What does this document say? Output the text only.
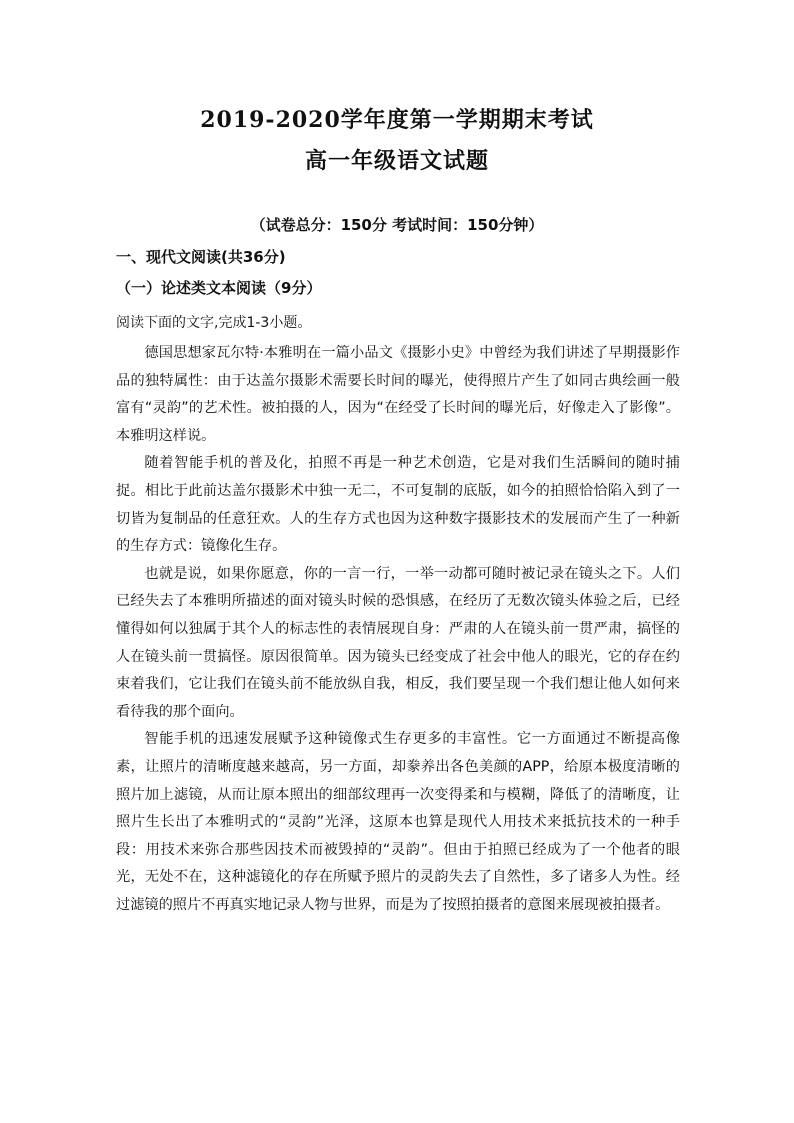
2019-2020学年度第一学期期末考试
高一年级语文试题
（试卷总分：150分 考试时间：150分钟）
一、现代文阅读(共36分)
（一）论述类文本阅读（9分）
阅读下面的文字,完成1-3小题。

德国思想家瓦尔特·本雅明在一篇小品文《摄影小史》中曾经为我们讲述了早期摄影作品的独特属性：由于达盖尔摄影术需要长时间的曝光，使得照片产生了如同古典绘画一般富有“灵韵”的艺术性。被拍摄的人，因为“在经受了长时间的曝光后，好像走入了影像”。本雅明这样说。

随着智能手机的普及化，拍照不再是一种艺术创造，它是对我们生活瞬间的随时捕捉。相比于此前达盖尔摄影术中独一无二，不可复制的底版，如今的拍照恰恰陷入到了一切皆为复制品的任意狂欢。人的生存方式也因为这种数字摄影技术的发展而产生了一种新的生存方式：镜像化生存。

也就是说，如果你愿意，你的一言一行，一举一动都可随时被记录在镜头之下。人们已经失去了本雅明所描述的面对镜头时候的恐惧感，在经历了无数次镜头体验之后，已经懂得如何以独属于其个人的标志性的表情展现自身：严肃的人在镜头前一贯严肃，搞怪的人在镜头前一贯搞怪。原因很简单。因为镜头已经变成了社会中他人的眼光，它的存在约束着我们，它让我们在镜头前不能放纵自我，相反，我们要呈现一个我们想让他人如何来看待我的那个面向。

智能手机的迅速发展赋予这种镜像式生存更多的丰富性。它一方面通过不断提高像素，让照片的清晰度越来越高，另一方面，却豢养出各色美颜的APP，给原本极度清晰的照片加上滤镜，从而让原本照出的细部纹理再一次变得柔和与模糊，降低了的清晰度，让照片生长出了本雅明式的“灵韵”光泽，这原本也算是现代人用技术来抵抗技术的一种手段：用技术来弥合那些因技术而被毁掉的“灵韵”。但由于拍照已经成为了一个他者的眼光，无处不在，这种滤镜化的存在所赋予照片的灵韵失去了自然性，多了诸多人为性。经过滤镜的照片不再真实地记录人物与世界，而是为了按照拍摄者的意图来展现被拍摄者。
